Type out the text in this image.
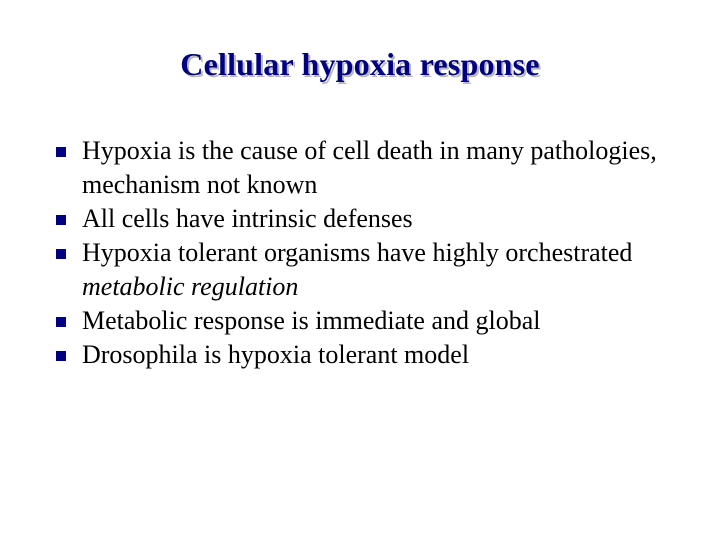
Cellular hypoxia response
Hypoxia is the cause of cell death in many pathologies, mechanism not known
All cells have intrinsic defenses
Hypoxia tolerant organisms have highly orchestrated metabolic regulation
Metabolic response is immediate and global
Drosophila is hypoxia tolerant model
